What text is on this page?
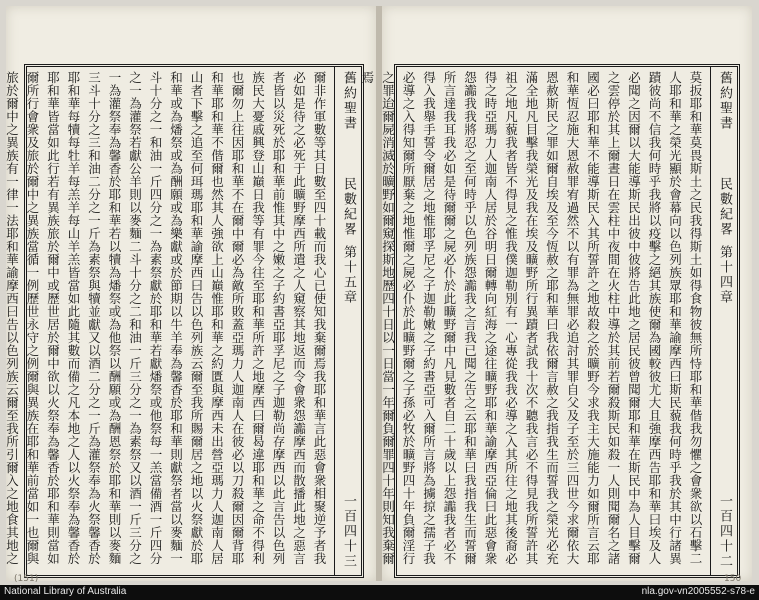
舊約聖書
民數紀畧
第十五章
一百四十三
爾非作軍數等其日數至四十載而我心已使知我棄爾焉我耶和華言此惡會衆相聚逆予者我必如是待之必死于此曠野摩西所遣之人窺察其地返而令會衆怨讟摩西而散播此地之惡言者皆以災死於耶和華前惟其中之嫩之子約書亞耶孚尼之子迦勒尚存摩西以此言告以色列族民大憂戚興登山巔日我等有罪今往至耶和華所許之地摩西曰爾曷違耶和華之命不得利也爾勿上往因耶和華不在爾中爾必為敵所敗蓋亞瑪力人迦南人在彼必以刀殺爾因爾背耶和華耶和華不偕爾也然其人強欲上山巔惟耶和華之約匱與摩西未出營亞瑪力人迦南人居山者下擊之追至何珥瑪耶和華諭摩西曰告以色列族云爾至我所賜爾居之地以火祭獻於耶和華或為燔祭或為酬願或為樂獻或於節期以牛羊奉為馨香於耶和華則獻祭者當以麥麵一斗十分之一和油一斤四分之一為素祭獻於耶和華若獻燔祭或他祭每一羔當備酒一斤四分之一為灌祭若獻公羊則以麥麵二斗十分之二和油一斤三分之一為素祭又以酒一斤三分之一為灌祭奉為馨香於耶和華若以犢為燔祭或為他祭以酬願或為酬恩祭於耶和華則以麥麵三斗十分之三和油二分之一斤為素祭與犢並獻又以酒二分之一斤為灌祭奉為火祭馨香於耶和華每犢每牡羊每羔羊每山羊羔皆當如此隨其數而備之凡本地之人以火祭奉為馨香於耶和華皆當如此行若有異族旅於爾中或歷世居於爾中欲以火祭奉為馨香於耶和華則當如爾所行會衆及旅於爾中之異族當循一例歷世永守之例爾與異族在耶和華前當如一也爾與旅於爾中之異族有一律一法耶和華諭摩西曰告以色列族云爾至我所引爾入之地食其地之
(151)
舊約聖書
民數紀畧
第十四章
一百四十二
莫扳耶和華莫畏斯土之民我得斯土如得食物彼無所恃耶和華偕我勿懼之會衆欲以石擊二人耶和華之榮光顯於會幕向以色列族眾耶和華諭摩西曰斯民藐我何時乎我於其中行諸異蹟彼尚不信我何時乎我將以疫擊之絕其族使爾為國較彼尤大且強摩西告耶和華曰埃及人必聞之因爾以大能導斯民出彼中彼將告此地之居民彼曾聞爾耶和華在斯民中為人目擊爾之雲停於其上爾晝日在雲柱中夜間在火柱中導於其前若爾殺斯民如殺一人則聞爾名之諸國必曰耶和華不能導斯民入其所誓許之地故殺之於曠野今求我主大施能力如爾所言云耶和華恆忍施大恩赦罪宥過然不以有罪為無罪必追討其罪自父及子至於三四世今求爾依大恩赦斯民之罪如爾自埃及至今恆赦之耶和華曰我依爾言赦之我指我生而誓我之榮光必充滿全地凡目擊我榮光及我在埃及曠野所行異蹟者試我十次不聽我言必不得見我所誓許其祖之地凡藐我者皆不得見之惟我僕迦勒別有一心專從我我必導之入其所往之地其後裔必得之時亞瑪力人迦南人居於谷明日爾轉向紅海之途往曠野耶和華諭摩西亞倫曰此惡會衆怨讟我我將忍之至何時乎以色列族怨讟我之言我已聞之告之云耶和華曰我指我生而誓爾所言達我耳我必如是待爾爾之屍必仆於此曠野爾中凡見數者自二十歲以上怨讟我者必不得入我舉手誓令爾居之地惟耶孚尼之子迦勒嫩之子約書亞可入爾所言將為擄掠之孺子我必導之入得知爾所厭棄之地惟爾之屍必仆於此曠野爾之子孫必牧於曠野四十年負爾淫行之罪迨爾屍消滅於曠野如爾窺探斯地歷四十日以一日當一年爾負爾罪四十年則知我棄爾焉
150
National Library of Australia	nla.gov-vn2005552-s78-e
